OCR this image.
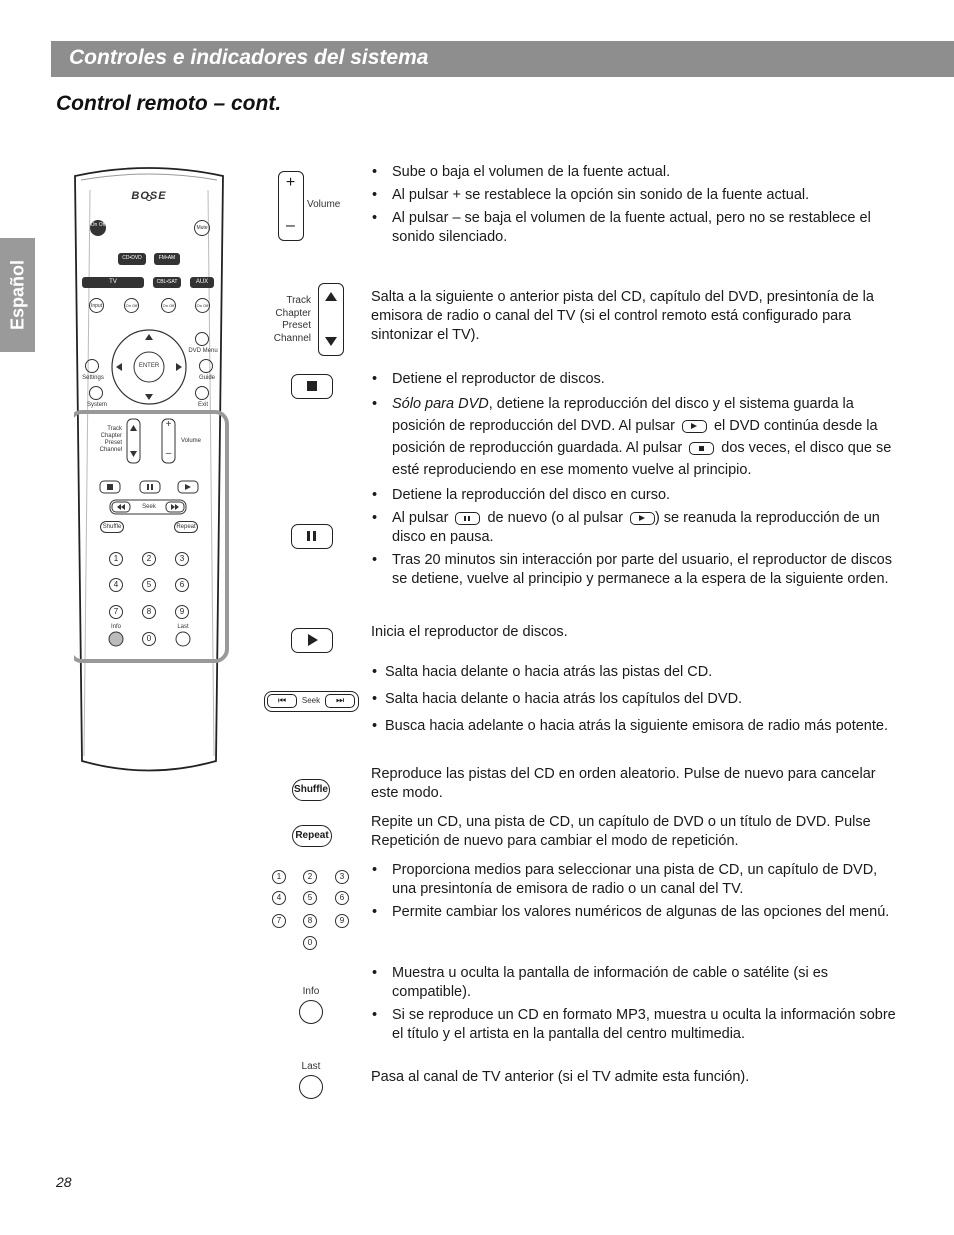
Controles e indicadores del sistema
Control remoto – cont.
Español
BOSE
On Off	Mute
CD•DVD	FM•AM
TV	CBL•SAT	AUX
Input	On Off	On Off	On Off
DVD Menu
ENTER
Settings	Guide
System	Exit
Track Chapter Preset Channel
+
–
Volume
Seek
Shuffle	Repeat
1	2	3
4	5	6
7	8	9
0
Info	Last
+
–
Volume
Track
Chapter
Preset
Channel
⏮	Seek	⏭
Shuffle
Repeat
1	2	3
4	5	6
7	8	9
0
Info
Last
• Sube o baja el volumen de la fuente actual.
• Al pulsar + se restablece la opción sin sonido de la fuente actual.
• Al pulsar – se baja el volumen de la fuente actual, pero no se restablece el sonido silenciado.
Salta a la siguiente o anterior pista del CD, capítulo del DVD, presintonía de la emisora de radio o canal del TV (si el control remoto está configurado para sintonizar el TV).
• Detiene el reproductor de discos.
• Sólo para DVD, detiene la reproducción del disco y el sistema guarda la posición de reproducción del DVD. Al pulsar	el DVD continúa desde la posición de reproducción guardada. Al pulsar	dos veces, el disco que se esté reproduciendo en ese momento vuelve al principio.
• Detiene la reproducción del disco en curso.
• Al pulsar	de nuevo (o al pulsar ) se reanuda la reproducción de un disco en pausa.
• Tras 20 minutos sin interacción por parte del usuario, el reproductor de discos se detiene, vuelve al principio y permanece a la espera de la siguiente orden.
Inicia el reproductor de discos.
• Salta hacia delante o hacia atrás las pistas del CD.
• Salta hacia delante o hacia atrás los capítulos del DVD.
• Busca hacia adelante o hacia atrás la siguiente emisora de radio más potente.
Reproduce las pistas del CD en orden aleatorio. Pulse de nuevo para cancelar este modo.
Repite un CD, una pista de CD, un capítulo de DVD o un título de DVD. Pulse Repetición de nuevo para cambiar el modo de repetición.
• Proporciona medios para seleccionar una pista de CD, un capítulo de DVD, una presintonía de emisora de radio o un canal del TV.
• Permite cambiar los valores numéricos de algunas de las opciones del menú.
• Muestra u oculta la pantalla de información de cable o satélite (si es compatible).
• Si se reproduce un CD en formato MP3, muestra u oculta la información sobre el título y el artista en la pantalla del centro multimedia.
Pasa al canal de TV anterior (si el TV admite esta función).
28
